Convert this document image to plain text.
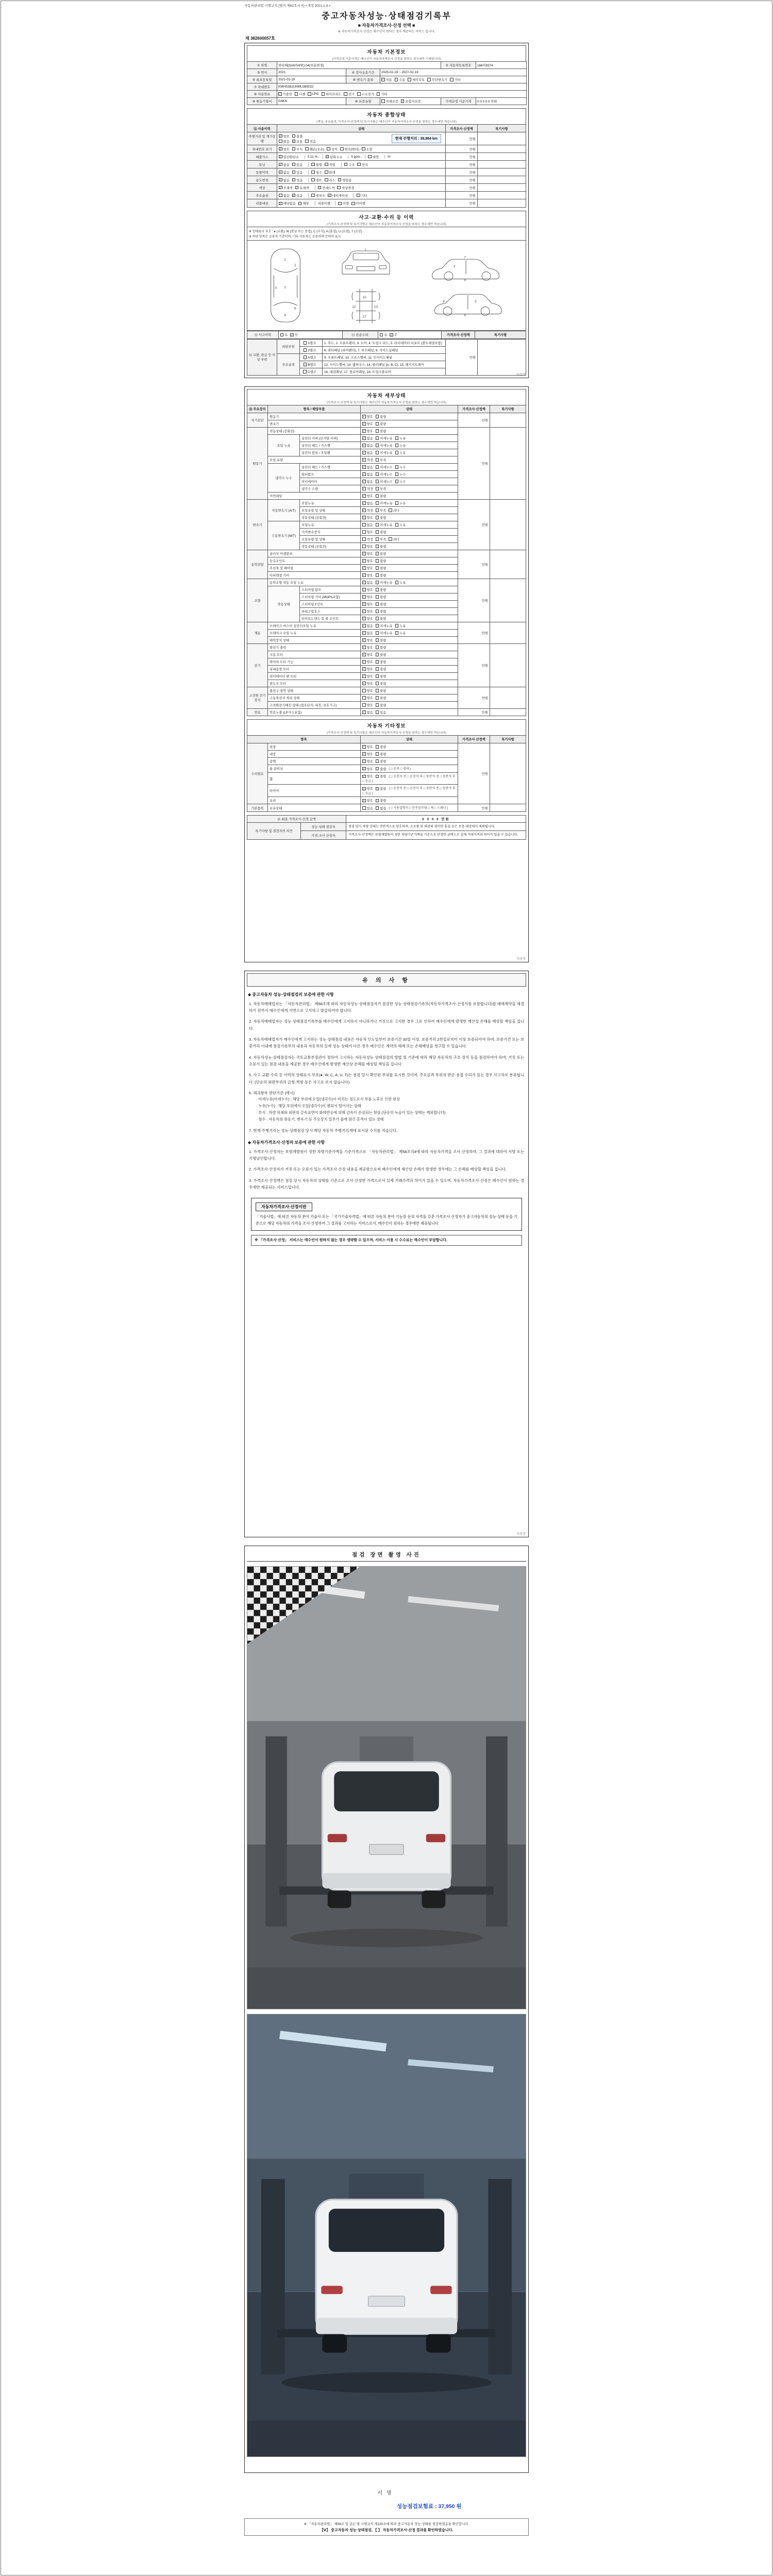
자동차관리법 시행규칙 [별지 제82호서식] <개정 2021.1.9.>
중고자동차성능·상태점검기록부
■ 자동차가격조사·산정 선택 ■
※ 자동차가격조사·산정은 매수인이 원하는 경우 제공하는 서비스 입니다.
제 382600057호
자동차 기본정보
(가격산정 기준가격은 매수인이 자동차가격조사·산정을 원하는 경우에만 기재합니다)
① 차명	싼타페(SANTAFE)-04(부분변경)			② 자동차등록번호	166머9374
③ 연식	2021	④ 검사유효기간	2025-02-19 ~ 2027-02-19		
⑤ 최초등록일	2021-02-19	⑥ 변속기 종류	✓ 자동 수동 세미오토 무단변속기 기타

⑦ 차대번호	KMHS381UHMU385022				
⑧ 사용연료	✓ 가솔린 디젤 LPG 하이브리드 전기 수소전기 기타

⑨ 원동기형식	G4KN	⑩ 보증유형	자체보증 ✓ 보험사보증	가격산정 기준가격	0 0 0 0 0 만원
자동차 종합상태
(색상, 주요옵션, 가격조사·산정액 및 특기사항은 매수인이 자동차가격조사·산정을 원하는 경우에만 적습니다)
⑪ 사용이력	상태	가격조사·산정액	특기사항
주행거리 및 계기상태	
✓ 양호 불량
많음 ✓ 보통 적음
현재 주행거리 : 39,984 km	만원	
차대번호 표기	✓ 양호 부식 훼손(오손) 상이 변조(변타) 도말	만원	
배출가스	✓ 일산화탄소	0.11 % , ✓ 탄화수소	5 ppm ,	매연	%	만원	
튜닝	✓ 없음 있음	불법 적법	구조 장치	만원	
특별이력	✓ 없음 있음 침수 화재	만원	
용도변경	✓ 없음 있음	렌트 리스 영업용	만원	
색상	✓ 무채색 유채색 전체도색 색상변경	만원	
주요옵션	없음 ✓ 있음	썬루프 ✓ 네비게이션	기타	만원	
리콜대상	✓ 해당없음 해당	리콜이행 :	이행 미이행	만원	
사고·교환·수리 등 이력
(가격조사·산정액 및 특기사항은 매수인이 자동차가격조사·산정을 원하는 경우에만 적습니다)
※ 상태표시 부호 : ● (교환), W (판금 또는 용접), C (부식), A (흠집), U (요철), T (손상)
※ 하단 항목은 승용차 기준이며, 기타 자동차는 승용차에 준하여 표시
1
7
4
3
2
6
1
10
12	13
17
8
7
3
8
3
6
⑫ 사고이력	유 ✓ 무	⑬ 단순수리	유 ✓ 무	가격조사·산정액	특기사항
⑭ 교환, 판금 등 이상 부위	외판부위	1랭크	1. 후드, 2. 프론트펜더, 3. 도어, 4. 트렁크 리드, 5. 라디에이터 서포트 (볼트체결부품)	만원	

		2랭크	6. 쿼터패널 (리어펜더), 7. 루프패널, 8. 사이드실패널		
	주요골격	A랭크	9. 프론트패널, 10. 크로스멤버, 11. 인사이드패널		

		B랭크	12. 사이드멤버, 13. 휠하우스, 14. 필러패널 (A, B, C), 15. 패키지트레이		

		C랭크	16. 대쉬패널, 17. 플로어패널, 18. 트렁크플로어		
다음장
자동차 세부상태
(가격조사·산정액 및 특기사항은 매수인이 자동차가격조사·산정을 원하는 경우에만 적습니다)
⑮ 주요장치	항목 / 해당부품		상태	가격조사·산정액	특기사항
자기진단	원동기		✓ 양호 불량	만원	
	변속기		✓ 양호 불량		

원동기	작동상태 (공회전)		✓ 양호 불량	만원	
	오일 누유	실린더 커버 (로커암 커버)	✓ 없음 미세누유 누유		

		실린더 헤드 / 가스켓	✓ 없음 미세누유 누유		

		실린더 블록 / 오일팬	✓ 없음 미세누유 누유		

	오일 유량		✓ 적정 부족		

	냉각수 누수	실린더 헤드 / 가스켓	✓ 없음 미세누수 누수		

		워터펌프	✓ 없음 미세누수 누수		

		라디에이터	✓ 없음 미세누수 누수		

		냉각수 수량	✓ 적정 부족		

	커먼레일		✓ 양호 불량		

변속기	자동변속기 (A/T)	오일누유	✓ 없음 미세누유 누유	만원	
		오일유량 및 상태	✓ 적정 부족 과다		

		작동상태 (공회전)	✓ 양호 불량		

	수동변속기 (M/T)	오일누유	없음 미세누유 누유		

		기어변속장치	양호 불량		

		오일유량 및 상태	적정 부족 과다		

		작동상태 (공회전)	양호 불량		

동력전달	클러치 어셈블리		✓ 양호 불량	만원	
	등속조인트		✓ 양호 불량		

	추진축 및 베어링		✓ 양호 불량		

	디퍼렌셜 기어		✓ 양호 불량		

조향	동력조향 작동 오일 누유		✓ 없음 미세누유 누유	만원	
	작동상태	스티어링 펌프	✓ 양호 불량		

		스티어링 기어 (MDPS포함)	✓ 양호 불량		

		스티어링조인트	✓ 양호 불량		

		파워고압호스	✓ 양호 불량		

		타이로드엔드 및 볼 조인트	✓ 양호 불량		

제동	브레이크 마스터 실린더오일 누유		✓ 없음 미세누유 누유	만원	
	브레이크 오일 누유		✓ 없음 미세누유 누유		

	배력장치 상태		✓ 양호 불량		

전기	발전기 출력		✓ 양호 불량	만원	
	시동 모터		✓ 양호 불량		

	와이퍼 모터 기능		✓ 양호 불량		

	실내송풍 모터		✓ 양호 불량		

	라디에이터 팬 모터		✓ 양호 불량		

	윈도우 모터		✓ 양호 불량		

고전원 전기장치	충전구 절연 상태		양호 불량	만원	
	구동축전지 격리 상태		양호 불량		

	고전원전기배선 상태 (접속단자, 피복, 보호기구)		양호 불량		

연료	연료누출 (LP가스포함)		✓ 없음 있음	만원	
자동차 기타정보
(가격조사·산정액 및 특기사항은 매수인이 자동차가격조사·산정을 원하는 경우에만 적습니다)
항목		상태	가격조사·산정액	특기사항
수리필요	외장	✓ 양호 불량	만원	
	내장	✓ 양호 불량		

	광택	✓ 양호 불량		

	룸 클리닝	✓ 양호 불량 ( □ 흔적 □ 냄새 )		
	휠	✓ 양호 불량 ( □ 운전석 전 □ 운전석 후 □ 동반석 전 □ 동반석 후 □ 응급 )		
	타이어	✓ 양호 불량 ( □ 운전석 전 □ 운전석 후 □ 동반석 전 □ 동반석 후 □ 응급 )		
	유리	✓ 양호 불량		

기본품목	보유상태	있음 없음 ( □ 사용설명서 □ 안전삼각대 □ 잭 □ 스패너 )	만원	
⑯ 최종 가격조사·산정 금액		0 0 0 0 만원
특기사항 및 점검자의 의견	성능·상태 점검자	점검 당시 차량 상태는 전반적으로 양호하며, 소모품 및 외관의 경미한 흠집 등은 보증 대상에서 제외됩니다.
	가격·조사 산정자	가격조사·산정액은 보험개발원이 정한 차량기준가액을 기준으로 산정한 금액으로 실제 거래가격과 차이가 있을 수 있습니다.
다음장
유 의 사 항
◆ 중고자동차 성능·상태점검의 보증에 관한 사항
1. 자동차매매업자는 「자동차관리법」 제58조에 따라 자동차성능·상태점검자가 점검한 성능·상태점검기록부(자동차가격조사·산정서를 포함합니다)를 매매계약을 체결하기 전까지 매수인에게 서면으로 고지하고 발급하여야 합니다.
2. 자동차매매업자는 성능·상태점검기록부를 매수인에게 고지하지 아니하거나 거짓으로 고지한 경우 그로 인하여 매수인에게 발생한 재산상 손해를 배상할 책임을 집니다.
3. 자동차매매업자가 매수인에게 고지하는 성능·상태점검 내용은 자동차 인도일부터 보증기간 30일 이상, 보증거리 2천킬로미터 이상 보증되어야 하며, 보증기간 또는 보증거리 이내에 점검기록부의 내용과 자동차의 실제 성능·상태가 다른 경우 매수인은 계약의 해제 또는 손해배상을 청구할 수 있습니다.
4. 자동차성능·상태점검자는 국토교통부장관이 정하여 고시하는 자동차성능·상태점검의 방법 및 기준에 따라 해당 자동차의 구조·장치 등을 점검하여야 하며, 거짓 또는 오류가 있는 점검 내용을 제공한 경우 매수인에게 발생한 재산상 손해를 배상할 책임을 집니다.
5. 사고·교환·수리 등 이력의 상태표시 부호(●, W, C, A, U, T)는 점검 당시 확인된 부위를 표시한 것이며, 주요골격 부위의 판금·용접 수리가 있는 경우 사고차로 분류됩니다. (단순히 외판부위의 긁힘·찍힘 등은 사고로 보지 않습니다)
6. 체크항목 판단기준 (예시)
· 미세누유(미세누수) : 해당 부위에 오일(냉각수)이 비치는 정도로서 부품 노후로 인한 현상
· 누유(누수) : 해당 부위에서 오일(냉각수)이 맺혀서 떨어지는 상태
· 부식 : 차량 하체와 외판의 금속표면이 화학반응에 의해 금속이 손상되는 현상 (단순히 녹슬어 있는 상태는 제외합니다)
· 침수 : 자동차의 원동기, 변속기 등 주요장치 일부가 물에 잠긴 흔적이 있는 상태
7. 현재 주행거리는 성능·상태점검 당시 해당 자동차 주행거리계에 표시된 수치를 적습니다.
◆ 자동차가격조사·산정의 보증에 관한 사항
1. 가격조사·산정자는 보험개발원이 정한 차량기준가액을 기준가격으로 「자동차관리법」 제58조의4에 따라 자동차가격을 조사·산정하며, 그 결과에 대하여 서명 또는 기명날인합니다.
2. 가격조사·산정자가 거짓 또는 오류가 있는 가격조사·산정 내용을 제공함으로써 매수인에게 재산상 손해가 발생한 경우에는 그 손해를 배상할 책임을 집니다.
3. 가격조사·산정액은 점검 당시 자동차의 상태를 기준으로 조사·산정한 가격으로서 실제 거래가격과 차이가 있을 수 있으며, 자동차가격조사·산정은 매수인이 원하는 경우에만 제공되는 서비스입니다.
자동차가격조사·산정이란
「기술사법」에 따른 자동차 분야 기술사 또는 「국가기술자격법」에 따른 자동차 분야 기능장 등의 자격을 갖춘 가격조사·산정자가 중고자동차의 성능·상태 등을 기준으로 해당 자동차의 가격을 조사·산정하여 그 결과를 고지하는 서비스로서, 매수인이 원하는 경우에만 제공됩니다.
※ 「가격조사·산정」 서비스는 매수인이 원하지 않는 경우 생략할 수 있으며, 서비스 이용 시 수수료는 매수인이 부담합니다.
다음장
점검 장면 촬영 사진
서명
성능점검보험료 : 37,950 원
※ 「자동차관리법」 제58조 및 같은 법 시행규칙 제120조에 따라 중고자동차 성능·상태를 점검하였음을 확인합니다.
【Ⅴ】 중고자동차 성능·상태점검, 【 】 자동차가격조사·산정 결과를 확인하였습니다.
